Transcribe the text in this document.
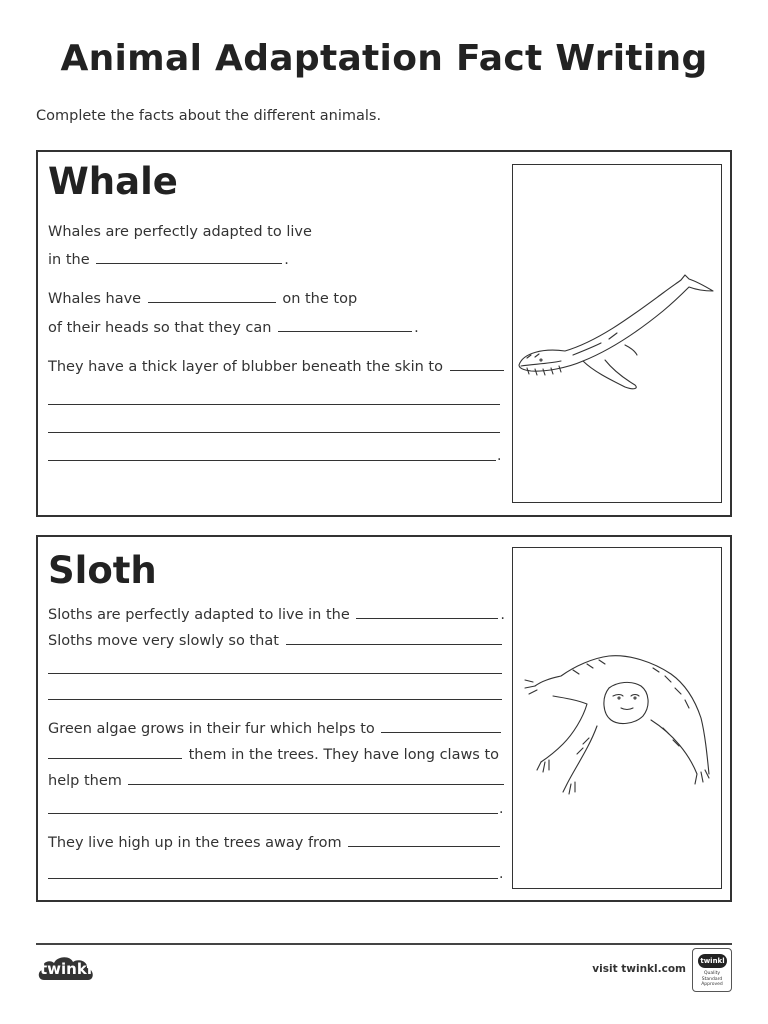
Animal Adaptation Fact Writing
Complete the facts about the different animals.
Whale
Whales are perfectly adapted to live
in the	.
Whales have	on the top
of their heads so that they can	.
They have a thick layer of blubber beneath the skin to
.
Sloth
Sloths are perfectly adapted to live in the	.
Sloths move very slowly so that
Green algae grows in their fur which helps to
them in the trees. They have long claws to
help them
.
They live high up in the trees away from
.
twinkl	visit twinkl.com
twinkl
Quality Standard
Approved
